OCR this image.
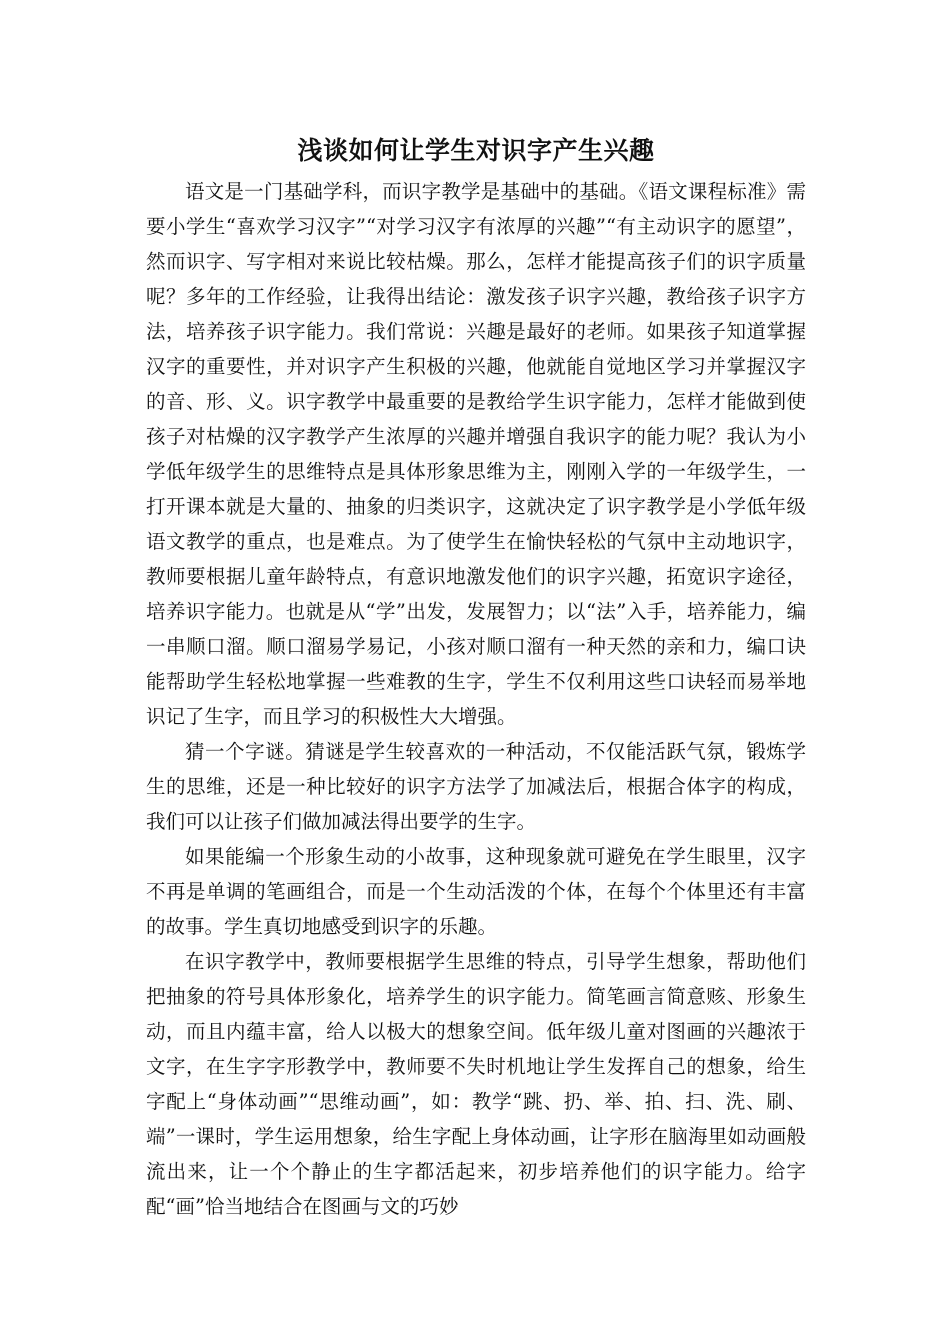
浅谈如何让学生对识字产生兴趣

语文是一门基础学科，而识字教学是基础中的基础。《语文课程标准》需要小学生“喜欢学习汉字”“对学习汉字有浓厚的兴趣”“有主动识字的愿望”，然而识字、写字相对来说比较枯燥。那么，怎样才能提高孩子们的识字质量呢？多年的工作经验，让我得出结论：激发孩子识字兴趣，教给孩子识字方法，培养孩子识字能力。我们常说：兴趣是最好的老师。如果孩子知道掌握汉字的重要性，并对识字产生积极的兴趣，他就能自觉地区学习并掌握汉字的音、形、义。识字教学中最重要的是教给学生识字能力，怎样才能做到使孩子对枯燥的汉字教学产生浓厚的兴趣并增强自我识字的能力呢？我认为小学低年级学生的思维特点是具体形象思维为主，刚刚入学的一年级学生，一打开课本就是大量的、抽象的归类识字，这就决定了识字教学是小学低年级语文教学的重点，也是难点。为了使学生在愉快轻松的气氛中主动地识字，教师要根据儿童年龄特点，有意识地激发他们的识字兴趣，拓宽识字途径，培养识字能力。也就是从“学”出发，发展智力；以“法”入手，培养能力，编一串顺口溜。顺口溜易学易记，小孩对顺口溜有一种天然的亲和力，编口诀能帮助学生轻松地掌握一些难教的生字，学生不仅利用这些口诀轻而易举地识记了生字，而且学习的积极性大大增强。

猜一个字谜。猜谜是学生较喜欢的一种活动，不仅能活跃气氛，锻炼学生的思维，还是一种比较好的识字方法学了加减法后，根据合体字的构成，我们可以让孩子们做加减法得出要学的生字。

如果能编一个形象生动的小故事，这种现象就可避免在学生眼里，汉字不再是单调的笔画组合，而是一个生动活泼的个体，在每个个体里还有丰富的故事。学生真切地感受到识字的乐趣。

在识字教学中，教师要根据学生思维的特点，引导学生想象，帮助他们把抽象的符号具体形象化，培养学生的识字能力。简笔画言简意赅、形象生动，而且内蕴丰富，给人以极大的想象空间。低年级儿童对图画的兴趣浓于文字，在生字字形教学中，教师要不失时机地让学生发挥自己的想象，给生字配上“身体动画”“思维动画”，如：教学“跳、扔、举、拍、扫、洗、刷、端”一课时，学生运用想象，给生字配上身体动画，让字形在脑海里如动画般流出来，让一个个静止的生字都活起来，初步培养他们的识字能力。给字配“画”恰当地结合在图画与文的巧妙
